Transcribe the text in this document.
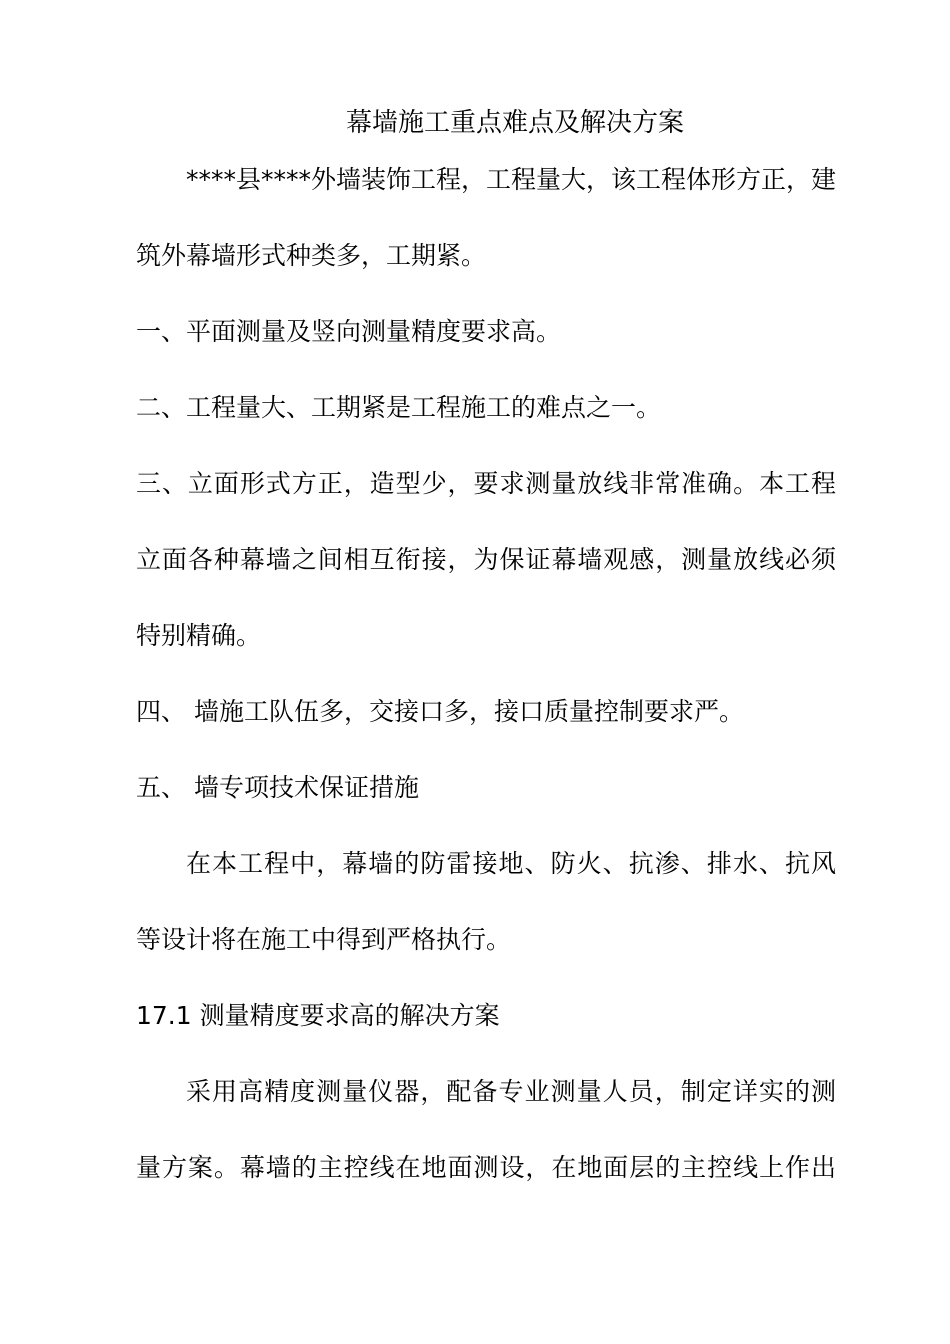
幕墙施工重点难点及解决方案
****县****外墙装饰工程，工程量大，该工程体形方正，建
筑外幕墙形式种类多，工期紧。
一、平面测量及竖向测量精度要求高。
二、工程量大、工期紧是工程施工的难点之一。
三、立面形式方正，造型少，要求测量放线非常准确。本工程
立面各种幕墙之间相互衔接，为保证幕墙观感，测量放线必须
特别精确。
四、 墙施工队伍多，交接口多，接口质量控制要求严。
五、 墙专项技术保证措施
在本工程中，幕墙的防雷接地、防火、抗渗、排水、抗风
等设计将在施工中得到严格执行。
17.1 测量精度要求高的解决方案
采用高精度测量仪器，配备专业测量人员，制定详实的测
量方案。幕墙的主控线在地面测设，在地面层的主控线上作出
